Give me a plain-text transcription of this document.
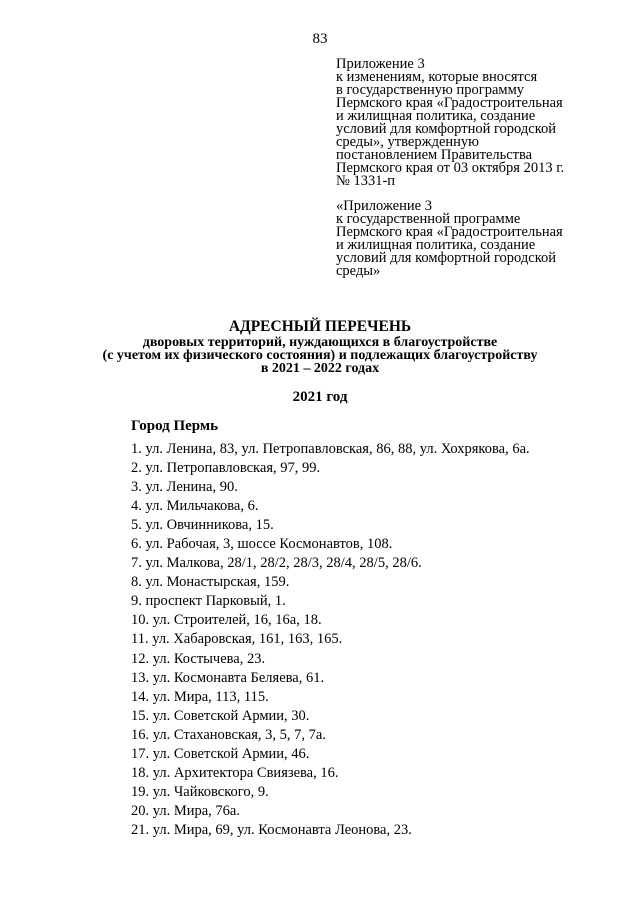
83
Приложение 3
к изменениям, которые вносятся
в государственную программу
Пермского края «Градостроительная
и жилищная политика, создание
условий для комфортной городской
среды», утвержденную
постановлением Правительства
Пермского края от 03 октября 2013 г.
№ 1331-п
«Приложение 3
к государственной программе
Пермского края «Градостроительная
и жилищная политика, создание
условий для комфортной городской
среды»
АДРЕСНЫЙ ПЕРЕЧЕНЬ
дворовых территорий, нуждающихся в благоустройстве
(с учетом их физического состояния) и подлежащих благоустройству
в 2021 – 2022 годах
2021 год
Город Пермь
1. ул. Ленина, 83, ул. Петропавловская, 86, 88, ул. Хохрякова, 6а.
2. ул. Петропавловская, 97, 99.
3. ул. Ленина, 90.
4. ул. Мильчакова, 6.
5. ул. Овчинникова, 15.
6. ул. Рабочая, 3, шоссе Космонавтов, 108.
7. ул. Малкова, 28/1, 28/2, 28/3, 28/4, 28/5, 28/6.
8. ул. Монастырская, 159.
9. проспект Парковый, 1.
10. ул. Строителей, 16, 16а, 18.
11. ул. Хабаровская, 161, 163, 165.
12. ул. Костычева, 23.
13. ул. Космонавта Беляева, 61.
14. ул. Мира, 113, 115.
15. ул. Советской Армии, 30.
16. ул. Стахановская, 3, 5, 7, 7а.
17. ул. Советской Армии, 46.
18. ул. Архитектора Свиязева, 16.
19. ул. Чайковского, 9.
20. ул. Мира, 76а.
21. ул. Мира, 69, ул. Космонавта Леонова, 23.
